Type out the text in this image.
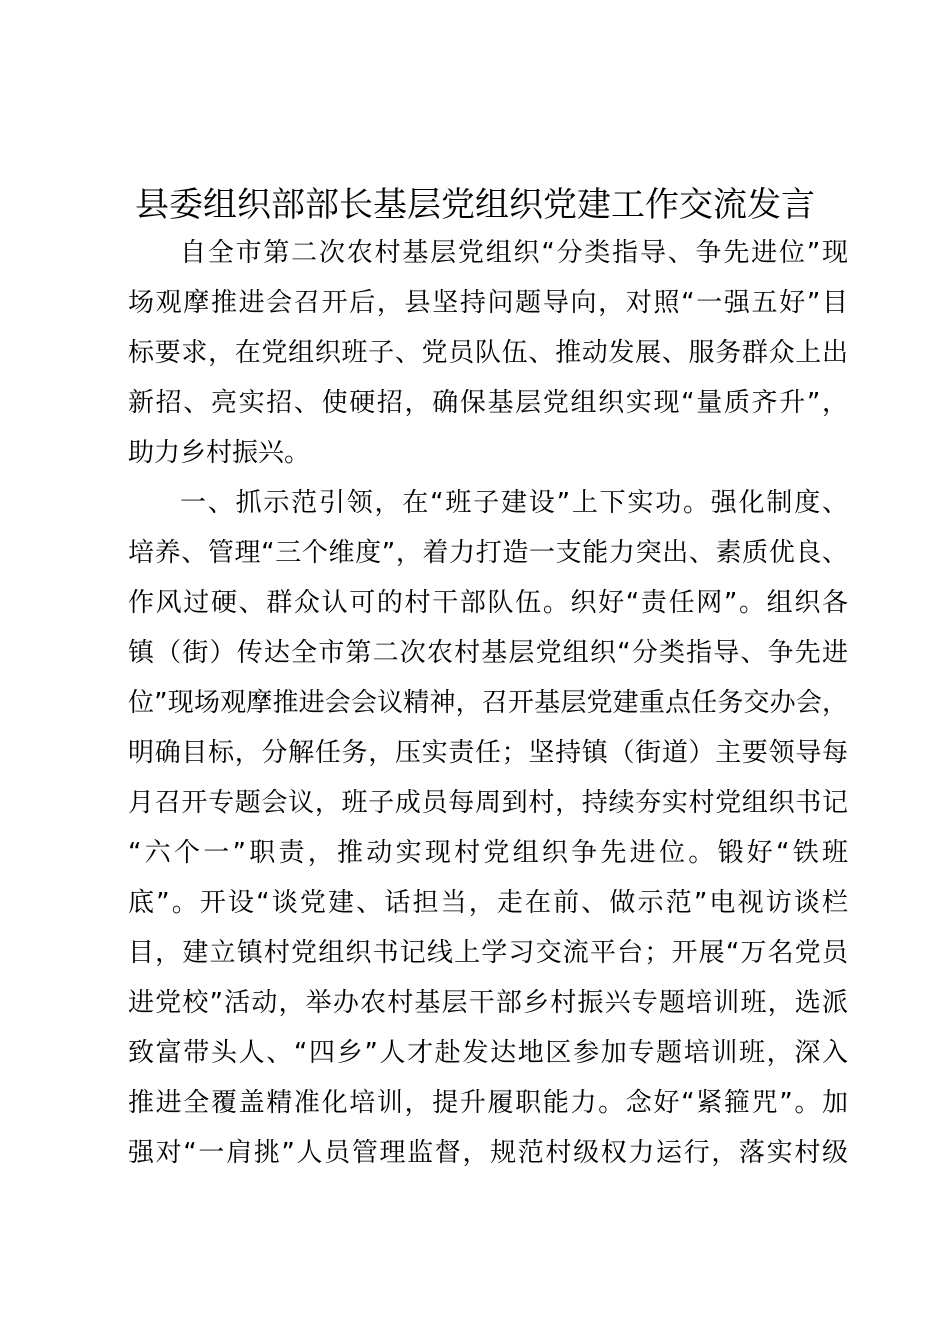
县委组织部部长基层党组织党建工作交流发言
自全市第二次农村基层党组织“分类指导、争先进位”现
场观摩推进会召开后，县坚持问题导向，对照“一强五好”目
标要求，在党组织班子、党员队伍、推动发展、服务群众上出
新招、亮实招、使硬招，确保基层党组织实现“量质齐升”，
助力乡村振兴。
一、抓示范引领，在“班子建设”上下实功。强化制度、
培养、管理“三个维度”，着力打造一支能力突出、素质优良、
作风过硬、群众认可的村干部队伍。织好“责任网”。组织各
镇（街）传达全市第二次农村基层党组织“分类指导、争先进
位”现场观摩推进会会议精神，召开基层党建重点任务交办会，
明确目标，分解任务，压实责任；坚持镇（街道）主要领导每
月召开专题会议，班子成员每周到村，持续夯实村党组织书记
“六个一”职责，推动实现村党组织争先进位。锻好“铁班
底”。开设“谈党建、话担当，走在前、做示范”电视访谈栏
目，建立镇村党组织书记线上学习交流平台；开展“万名党员
进党校”活动，举办农村基层干部乡村振兴专题培训班，选派
致富带头人、“四乡”人才赴发达地区参加专题培训班，深入
推进全覆盖精准化培训，提升履职能力。念好“紧箍咒”。加
强对“一肩挑”人员管理监督，规范村级权力运行，落实村级
